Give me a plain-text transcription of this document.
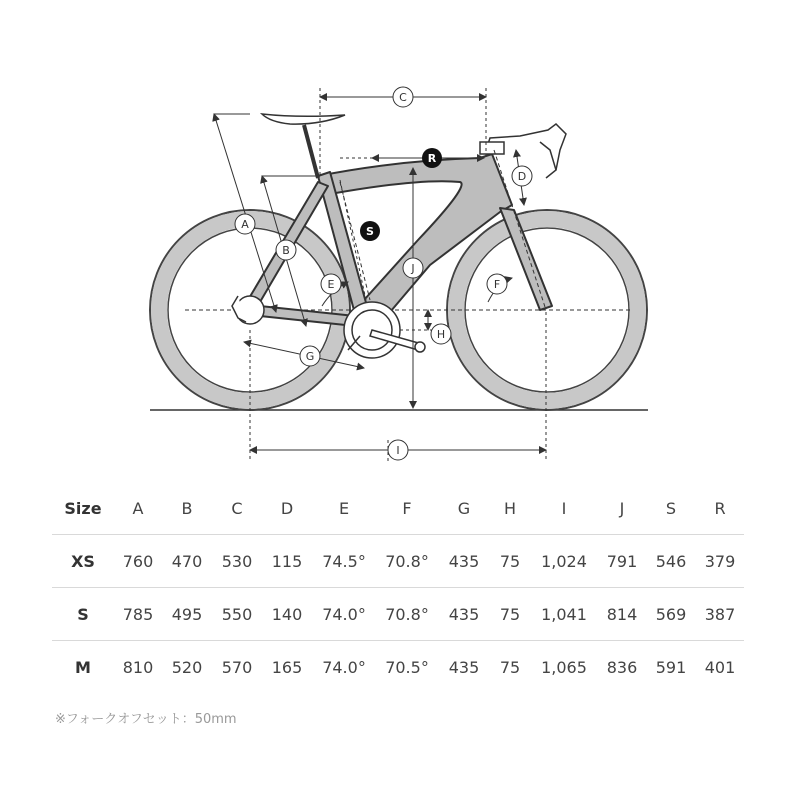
C
R
S
A
B
D
E	F
G
H
I
J
Size	A	B	C	D	E	F	G	H	I	J	S	R
XS	760	470	530	115	74.5°	70.8°	435	75	1,024	791	546	379
S	785	495	550	140	74.0°	70.8°	435	75	1,041	814	569	387
M	810	520	570	165	74.0°	70.5°	435	75	1,065	836	591	401
※フォークオフセット：50mm
